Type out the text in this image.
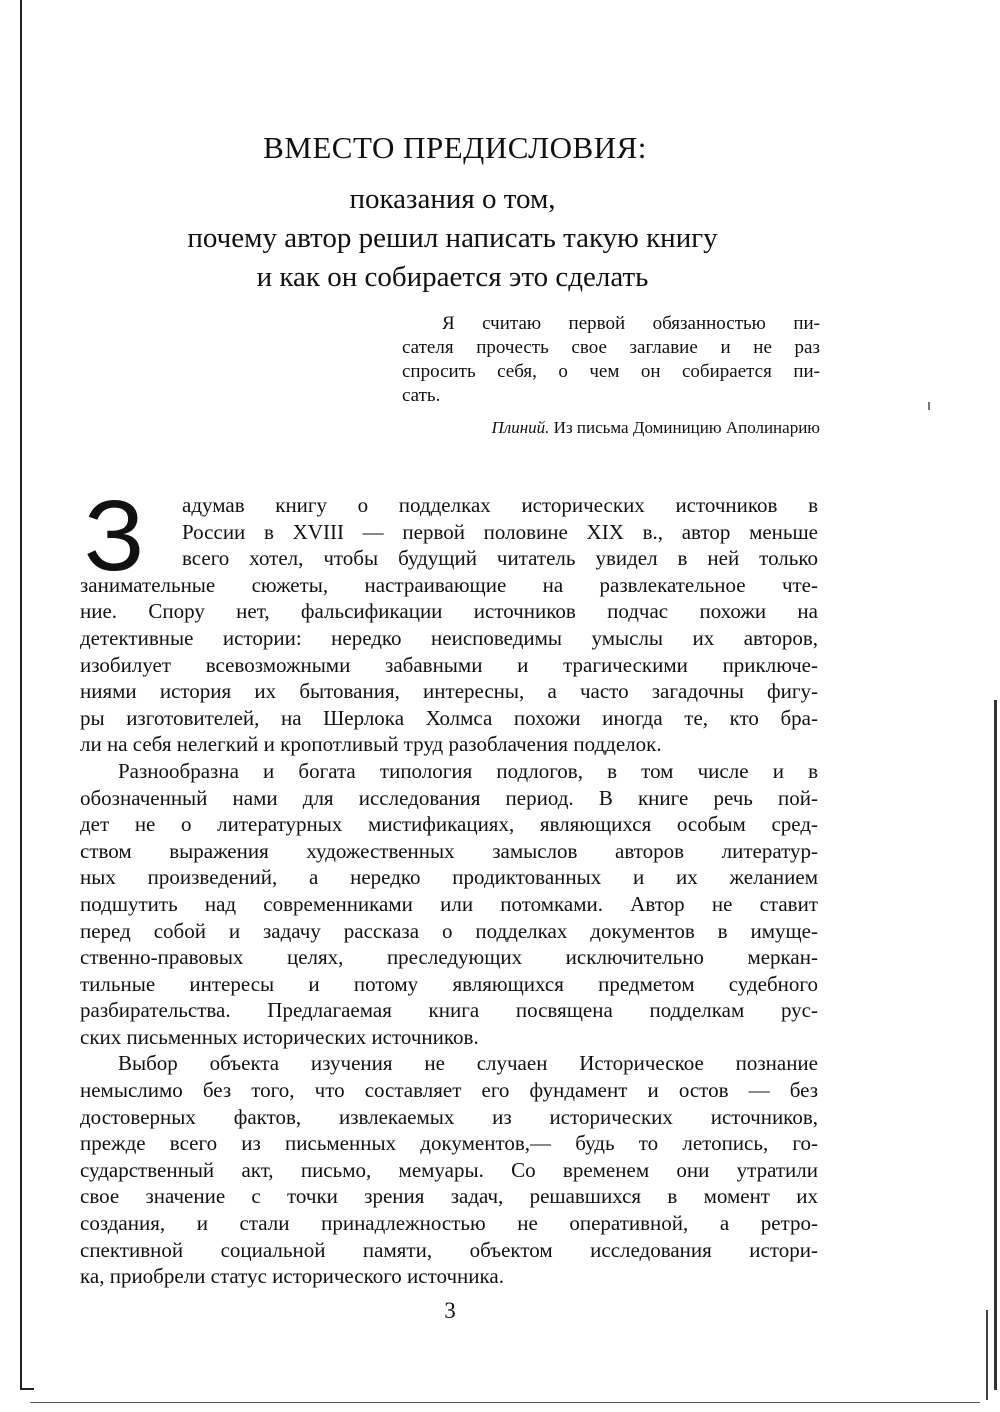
ВМЕСТО ПРЕДИСЛОВИЯ:
показания о том,
почему автор решил написать такую книгу
и как он собирается это сделать
Я считаю первой обязанностью пи-
сателя прочесть свое заглавие и не раз
спросить себя, о чем он собирается пи-
сать.
Плиний. Из письма Доминицию Аполинарию
З	адумав книгу о подделках исторических источников в
России в XVIII — первой половине XIX в., автор меньше
всего хотел, чтобы будущий читатель увидел в ней только
занимательные сюжеты, настраивающие на развлекательное чте-
ние. Спору нет, фальсификации источников подчас похожи на
детективные истории: нередко неисповедимы умыслы их авторов,
изобилует всевозможными забавными и трагическими приключе-
ниями история их бытования, интересны, а часто загадочны фигу-
ры изготовителей, на Шерлока Холмса похожи иногда те, кто бра-
ли на себя нелегкий и кропотливый труд разоблачения подделок.
Разнообразна и богата типология подлогов, в том числе и в
обозначенный нами для исследования период. В книге речь пой-
дет не о литературных мистификациях, являющихся особым сред-
ством выражения художественных замыслов авторов литератур-
ных произведений, а нередко продиктованных и их желанием
подшутить над современниками или потомками. Автор не ставит
перед собой и задачу рассказа о подделках документов в имуще-
ственно-правовых целях, преследующих исключительно меркан-
тильные интересы и потому являющихся предметом судебного
разбирательства. Предлагаемая книга посвящена подделкам рус-
ских письменных исторических источников.
Выбор объекта изучения не случаен Историческое познание
немыслимо без того, что составляет его фундамент и остов — без
достоверных фактов, извлекаемых из исторических источников,
прежде всего из письменных документов,— будь то летопись, го-
сударственный акт, письмо, мемуары. Со временем они утратили
свое значение с точки зрения задач, решавшихся в момент их
создания, и стали принадлежностью не оперативной, а ретро-
спективной социальной памяти, объектом исследования истори-
ка, приобрели статус исторического источника.
3
